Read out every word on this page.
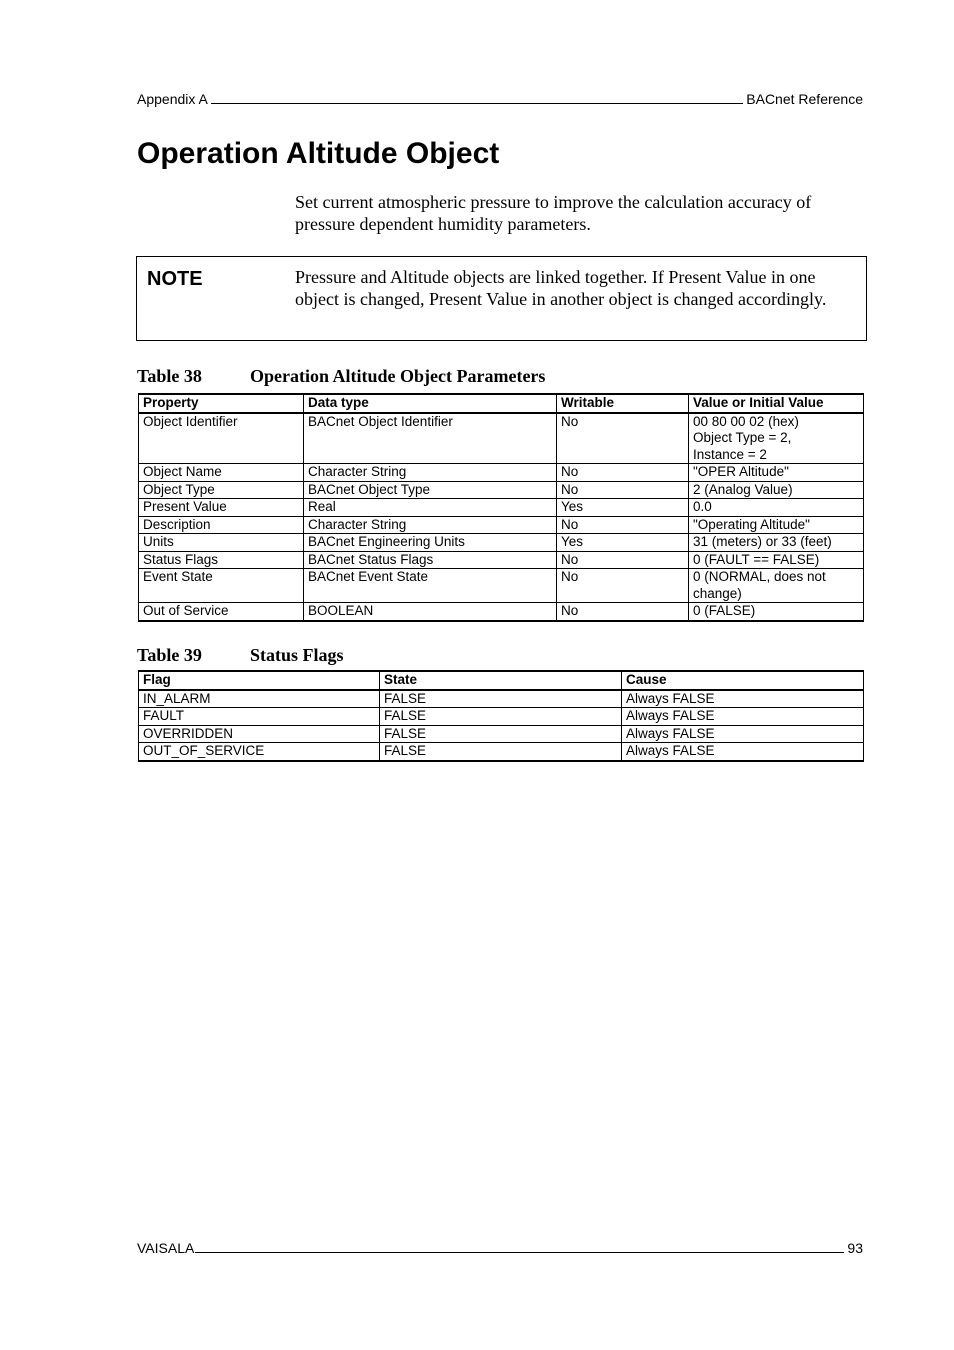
Appendix A	BACnet Reference
Operation Altitude Object

Set current atmospheric pressure to improve the calculation accuracy of pressure dependent humidity parameters.

NOTE	Pressure and Altitude objects are linked together. If Present Value in one object is changed, Present Value in another object is changed accordingly.

Table 38	Operation Altitude Object Parameters
Property	Data type	Writable	Value or Initial Value
Object Identifier	BACnet Object Identifier	No	00 80 00 02 (hex)
Object Type = 2,
Instance = 2
Object Name	Character String	No	"OPER Altitude"
Object Type	BACnet Object Type	No	2 (Analog Value)
Present Value	Real	Yes	0.0
Description	Character String	No	"Operating Altitude"
Units	BACnet Engineering Units	Yes	31 (meters) or 33 (feet)
Status Flags	BACnet Status Flags	No	0 (FAULT == FALSE)
Event State	BACnet Event State	No	0 (NORMAL, does not
change)
Out of Service	BOOLEAN	No	0 (FALSE)
Table 39	Status Flags
Flag	State	Cause
IN_ALARM	FALSE	Always FALSE
FAULT	FALSE	Always FALSE
OVERRIDDEN	FALSE	Always FALSE
OUT_OF_SERVICE	FALSE	Always FALSE
VAISALA	93
